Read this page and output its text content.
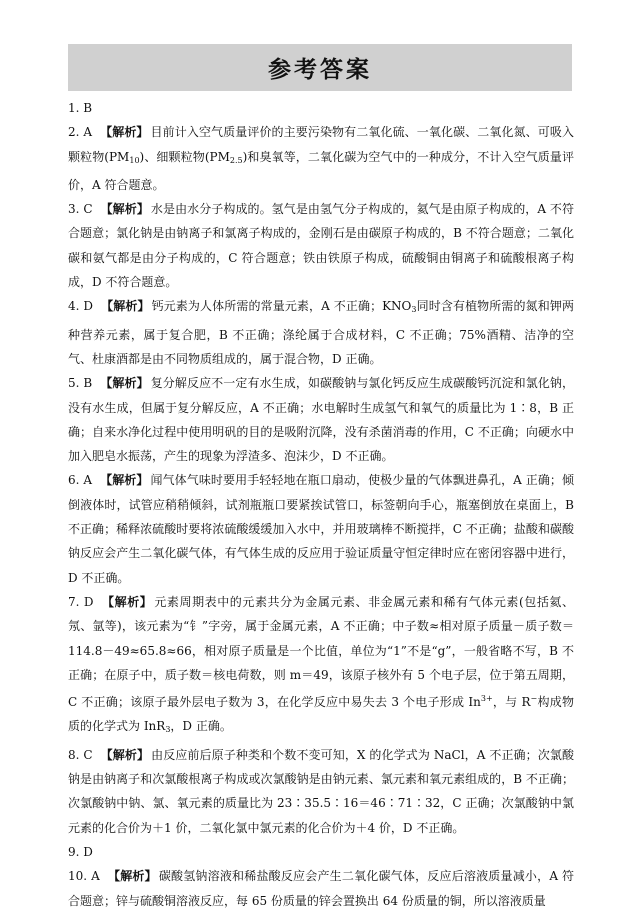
参考答案

1. B

2. A 【解析】 目前计入空气质量评价的主要污染物有二氧化硫、一氧化碳、二氧化氮、可吸入颗粒物$(PM_{10})$、细颗粒物$(PM_{2.5})$和臭氧等，二氧化碳为空气中的一种成分，不计入空气质量评价，A 符合题意。

3. C 【解析】 水是由水分子构成的。氢气是由氢气分子构成的，氦气是由原子构成的，A 不符合题意；氯化钠是由钠离子和氯离子构成的，金刚石是由碳原子构成的，B 不符合题意；二氧化碳和氨气都是由分子构成的，C 符合题意；铁由铁原子构成，硫酸铜由铜离子和硫酸根离子构成，D 不符合题意。

4. D 【解析】 钙元素为人体所需的常量元素，A 不正确；$KNO_3$同时含有植物所需的氮和钾两种营养元素，属于复合肥，B 不正确；涤纶属于合成材料，C 不正确；75%酒精、洁净的空气、杜康酒都是由不同物质组成的，属于混合物，D 正确。

5. B 【解析】 复分解反应不一定有水生成，如碳酸钠与氯化钙反应生成碳酸钙沉淀和氯化钠，没有水生成，但属于复分解反应，A 不正确；水电解时生成氢气和氧气的质量比为 1∶8，B 正确；自来水净化过程中使用明矾的目的是吸附沉降，没有杀菌消毒的作用，C 不正确；向硬水中加入肥皂水振荡，产生的现象为浮渣多、泡沫少，D 不正确。

6. A 【解析】 闻气体气味时要用手轻轻地在瓶口扇动，使极少量的气体飘进鼻孔，A 正确；倾倒液体时，试管应稍稍倾斜，试剂瓶瓶口要紧挨试管口，标签朝向手心，瓶塞倒放在桌面上，B 不正确；稀释浓硫酸时要将浓硫酸缓缓加入水中，并用玻璃棒不断搅拌，C 不正确；盐酸和碳酸钠反应会产生二氧化碳气体，有气体生成的反应用于验证质量守恒定律时应在密闭容器中进行，D 不正确。

7. D 【解析】 元素周期表中的元素共分为金属元素、非金属元素和稀有气体元素(包括氦、氖、氩等)，该元素为“钅”字旁，属于金属元素，A 不正确；中子数≈相对原子质量－质子数＝114.8－49≈65.8≈66，相对原子质量是一个比值，单位为“1”不是“g”，一般省略不写，B 不正确；在原子中，质子数＝核电荷数，则 m＝49，该原子核外有 5 个电子层，位于第五周期，C 不正确；该原子最外层电子数为 3，在化学反应中易失去 3 个电子形成 $In^{3+}$，与 R−构成物质的化学式为 InR$_3$，D 正确。

8. C 【解析】 由反应前后原子种类和个数不变可知，X 的化学式为 NaCl，A 不正确；次氯酸钠是由钠离子和次氯酸根离子构成或次氯酸钠是由钠元素、氯元素和氧元素组成的，B 不正确；次氯酸钠中钠、氯、氧元素的质量比为 23∶35.5∶16＝46∶71∶32，C 正确；次氯酸钠中氯元素的化合价为＋1 价，二氧化氯中氯元素的化合价为＋4 价，D 不正确。

9. D

10. A 【解析】 碳酸氢钠溶液和稀盐酸反应会产生二氧化碳气体，反应后溶液质量减小，A 符合题意；锌与硫酸铜溶液反应，每 65 份质量的锌会置换出 64 份质量的铜，所以溶液质量
